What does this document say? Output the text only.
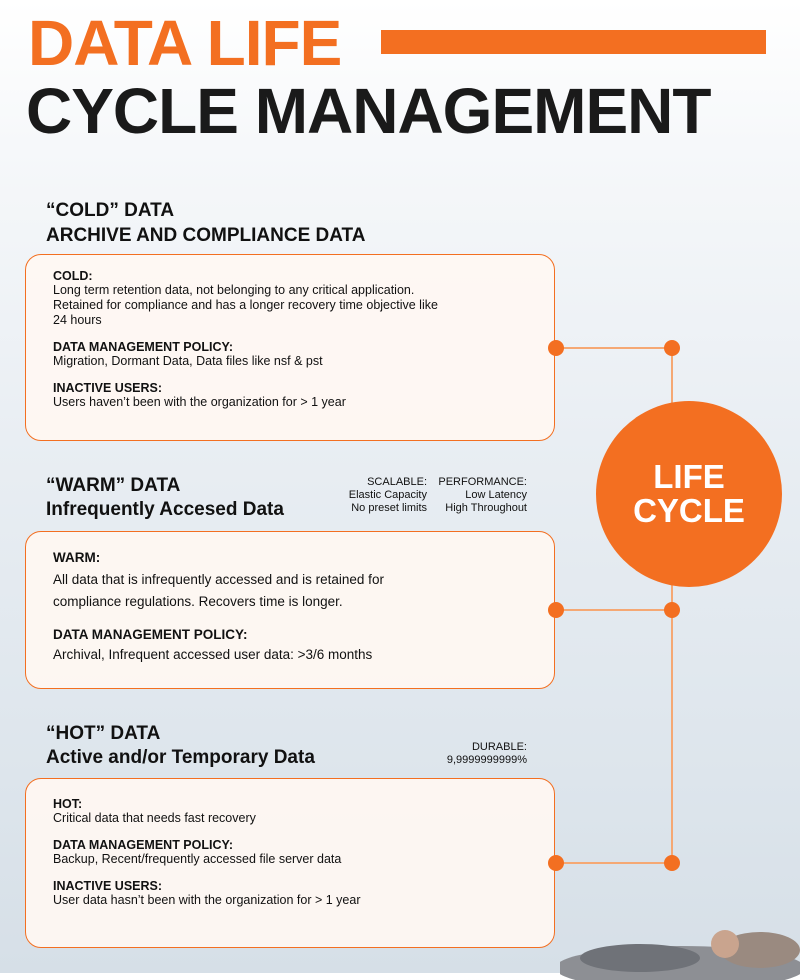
DATA LIFE
CYCLE MANAGEMENT
“COLD” DATA
ARCHIVE AND COMPLIANCE DATA
COLD:
Long term retention data, not belonging to any critical application. Retained for compliance and has a longer recovery time objective like 24 hours
DATA MANAGEMENT POLICY:
Migration, Dormant Data, Data files like nsf & pst
INACTIVE USERS:
Users haven’t been with the organization for > 1 year
“WARM” DATA
Infrequently Accesed Data
SCALABLE:
Elastic Capacity
No preset limits
PERFORMANCE:
Low Latency
High Throughout
WARM:
All data that is infrequently accessed and is retained for compliance regulations. Recovers time is longer.
DATA MANAGEMENT POLICY:
Archival, Infrequent accessed user data: >3/6 months
“HOT” DATA
Active and/or Temporary Data	DURABLE:
9,9999999999%
HOT:
Critical data that needs fast recovery
DATA MANAGEMENT POLICY:
Backup, Recent/frequently accessed file server data
INACTIVE USERS:
User data hasn’t been with the organization for > 1 year
LIFE
CYCLE
